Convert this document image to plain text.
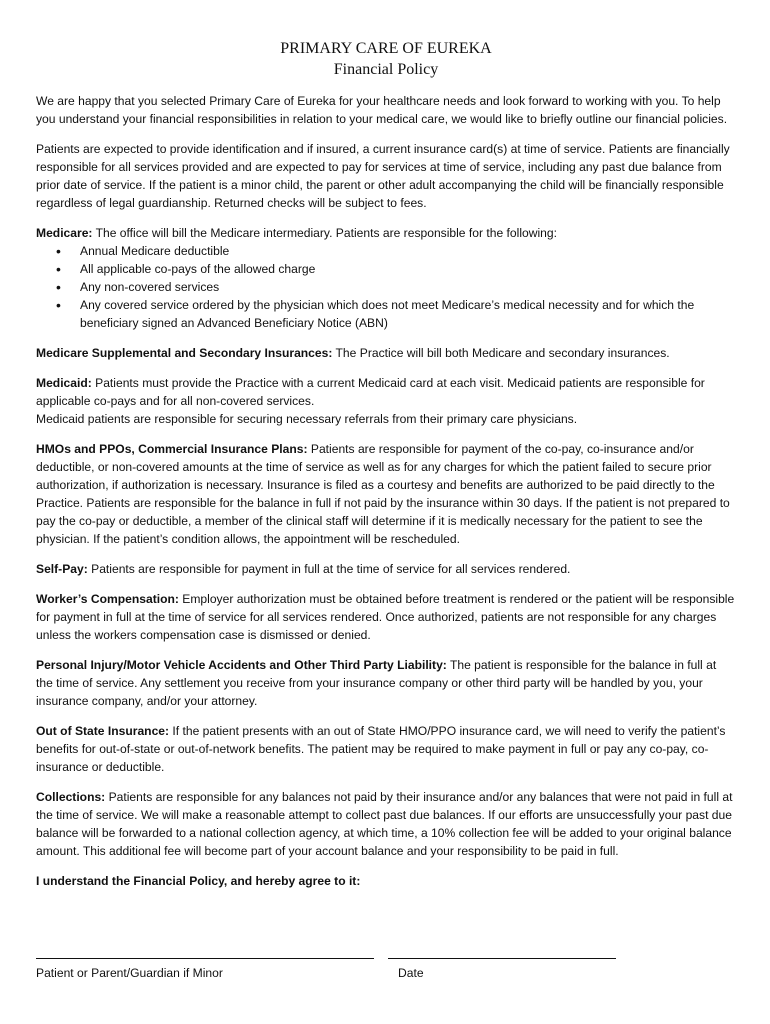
PRIMARY CARE OF EUREKA
Financial Policy

We are happy that you selected Primary Care of Eureka for your healthcare needs and look forward to working with you. To help you understand your financial responsibilities in relation to your medical care, we would like to briefly outline our financial policies.

Patients are expected to provide identification and if insured, a current insurance card(s) at time of service. Patients are financially responsible for all services provided and are expected to pay for services at time of service, including any past due balance from prior date of service. If the patient is a minor child, the parent or other adult accompanying the child will be financially responsible regardless of legal guardianship. Returned checks will be subject to fees.

Medicare: The office will bill the Medicare intermediary. Patients are responsible for the following:

• Annual Medicare deductible
• All applicable co-pays of the allowed charge
• Any non-covered services
• Any covered service ordered by the physician which does not meet Medicare’s medical necessity and for which the beneficiary signed an Advanced Beneficiary Notice (ABN)

Medicare Supplemental and Secondary Insurances: The Practice will bill both Medicare and secondary insurances.

Medicaid: Patients must provide the Practice with a current Medicaid card at each visit. Medicaid patients are responsible for applicable co-pays and for all non-covered services.

Medicaid patients are responsible for securing necessary referrals from their primary care physicians.

HMOs and PPOs, Commercial Insurance Plans: Patients are responsible for payment of the co-pay, co-insurance and/or deductible, or non-covered amounts at the time of service as well as for any charges for which the patient failed to secure prior authorization, if authorization is necessary. Insurance is filed as a courtesy and benefits are authorized to be paid directly to the Practice. Patients are responsible for the balance in full if not paid by the insurance within 30 days. If the patient is not prepared to pay the co-pay or deductible, a member of the clinical staff will determine if it is medically necessary for the patient to see the physician. If the patient’s condition allows, the appointment will be rescheduled.

Self-Pay: Patients are responsible for payment in full at the time of service for all services rendered.

Worker’s Compensation: Employer authorization must be obtained before treatment is rendered or the patient will be responsible for payment in full at the time of service for all services rendered. Once authorized, patients are not responsible for any charges unless the workers compensation case is dismissed or denied.

Personal Injury/Motor Vehicle Accidents and Other Third Party Liability: The patient is responsible for the balance in full at the time of service. Any settlement you receive from your insurance company or other third party will be handled by you, your insurance company, and/or your attorney.

Out of State Insurance: If the patient presents with an out of State HMO/PPO insurance card, we will need to verify the patient’s benefits for out-of-state or out-of-network benefits. The patient may be required to make payment in full or pay any co-pay, co-insurance or deductible.

Collections: Patients are responsible for any balances not paid by their insurance and/or any balances that were not paid in full at the time of service. We will make a reasonable attempt to collect past due balances. If our efforts are unsuccessfully your past due balance will be forwarded to a national collection agency, at which time, a 10% collection fee will be added to your original balance amount. This additional fee will become part of your account balance and your responsibility to be paid in full.

I understand the Financial Policy, and hereby agree to it:

Patient or Parent/Guardian if Minor	Date
